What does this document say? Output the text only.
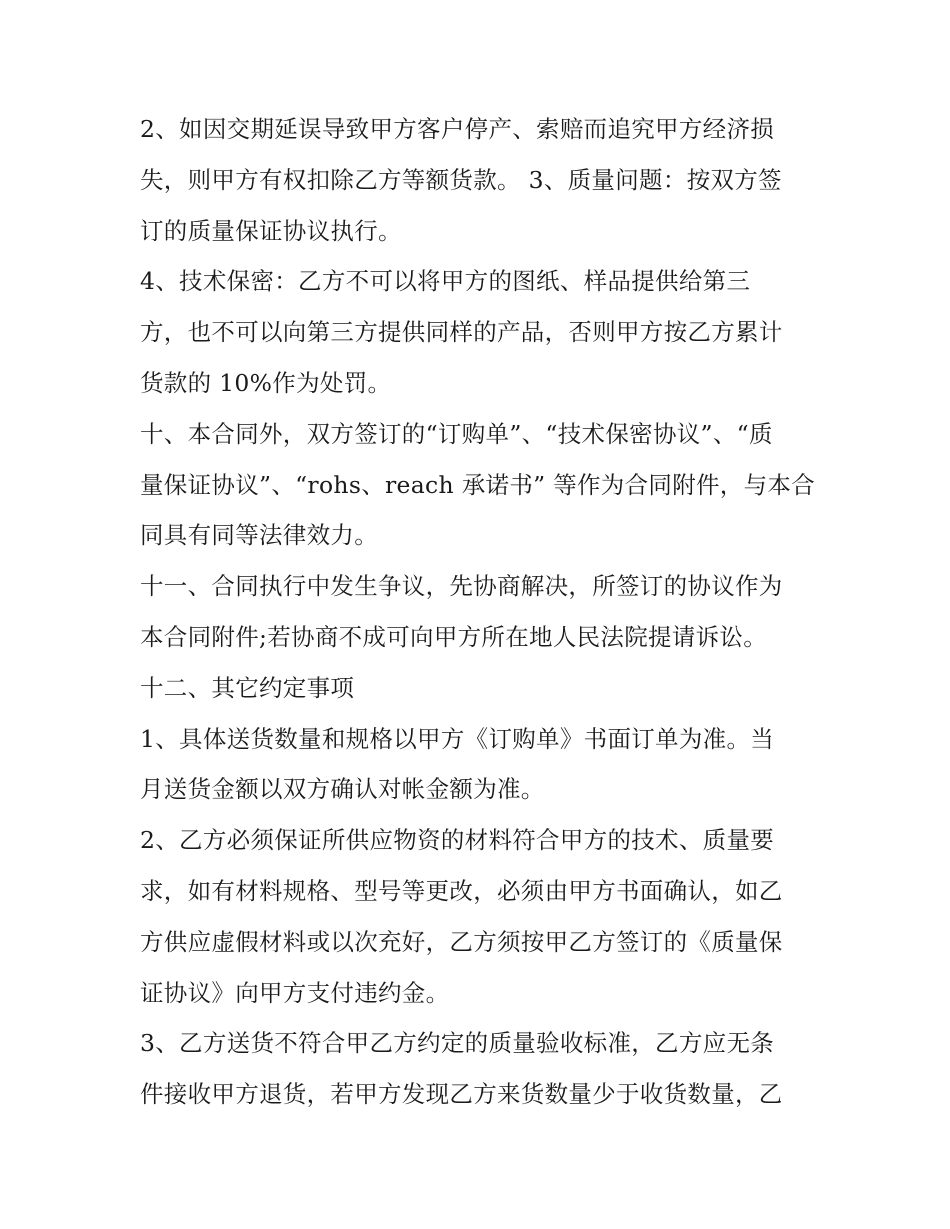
2、如因交期延误导致甲方客户停产、索赔而追究甲方经济损
失，则甲方有权扣除乙方等额货款。 3、质量问题：按双方签
订的质量保证协议执行。

4、技术保密：乙方不可以将甲方的图纸、样品提供给第三
方，也不可以向第三方提供同样的产品，否则甲方按乙方累计
货款的 10%作为处罚。

十、本合同外，双方签订的“订购单”、“技术保密协议”、“质
量保证协议”、“rohs、reach 承诺书” 等作为合同附件，与本合
同具有同等法律效力。

十一、合同执行中发生争议，先协商解决，所签订的协议作为
本合同附件;若协商不成可向甲方所在地人民法院提请诉讼。

十二、其它约定事项

1、具体送货数量和规格以甲方《订购单》书面订单为准。当
月送货金额以双方确认对帐金额为准。

2、乙方必须保证所供应物资的材料符合甲方的技术、质量要
求，如有材料规格、型号等更改，必须由甲方书面确认，如乙
方供应虚假材料或以次充好，乙方须按甲乙方签订的《质量保
证协议》向甲方支付违约金。

3、乙方送货不符合甲乙方约定的质量验收标准，乙方应无条
件接收甲方退货，若甲方发现乙方来货数量少于收货数量，乙
